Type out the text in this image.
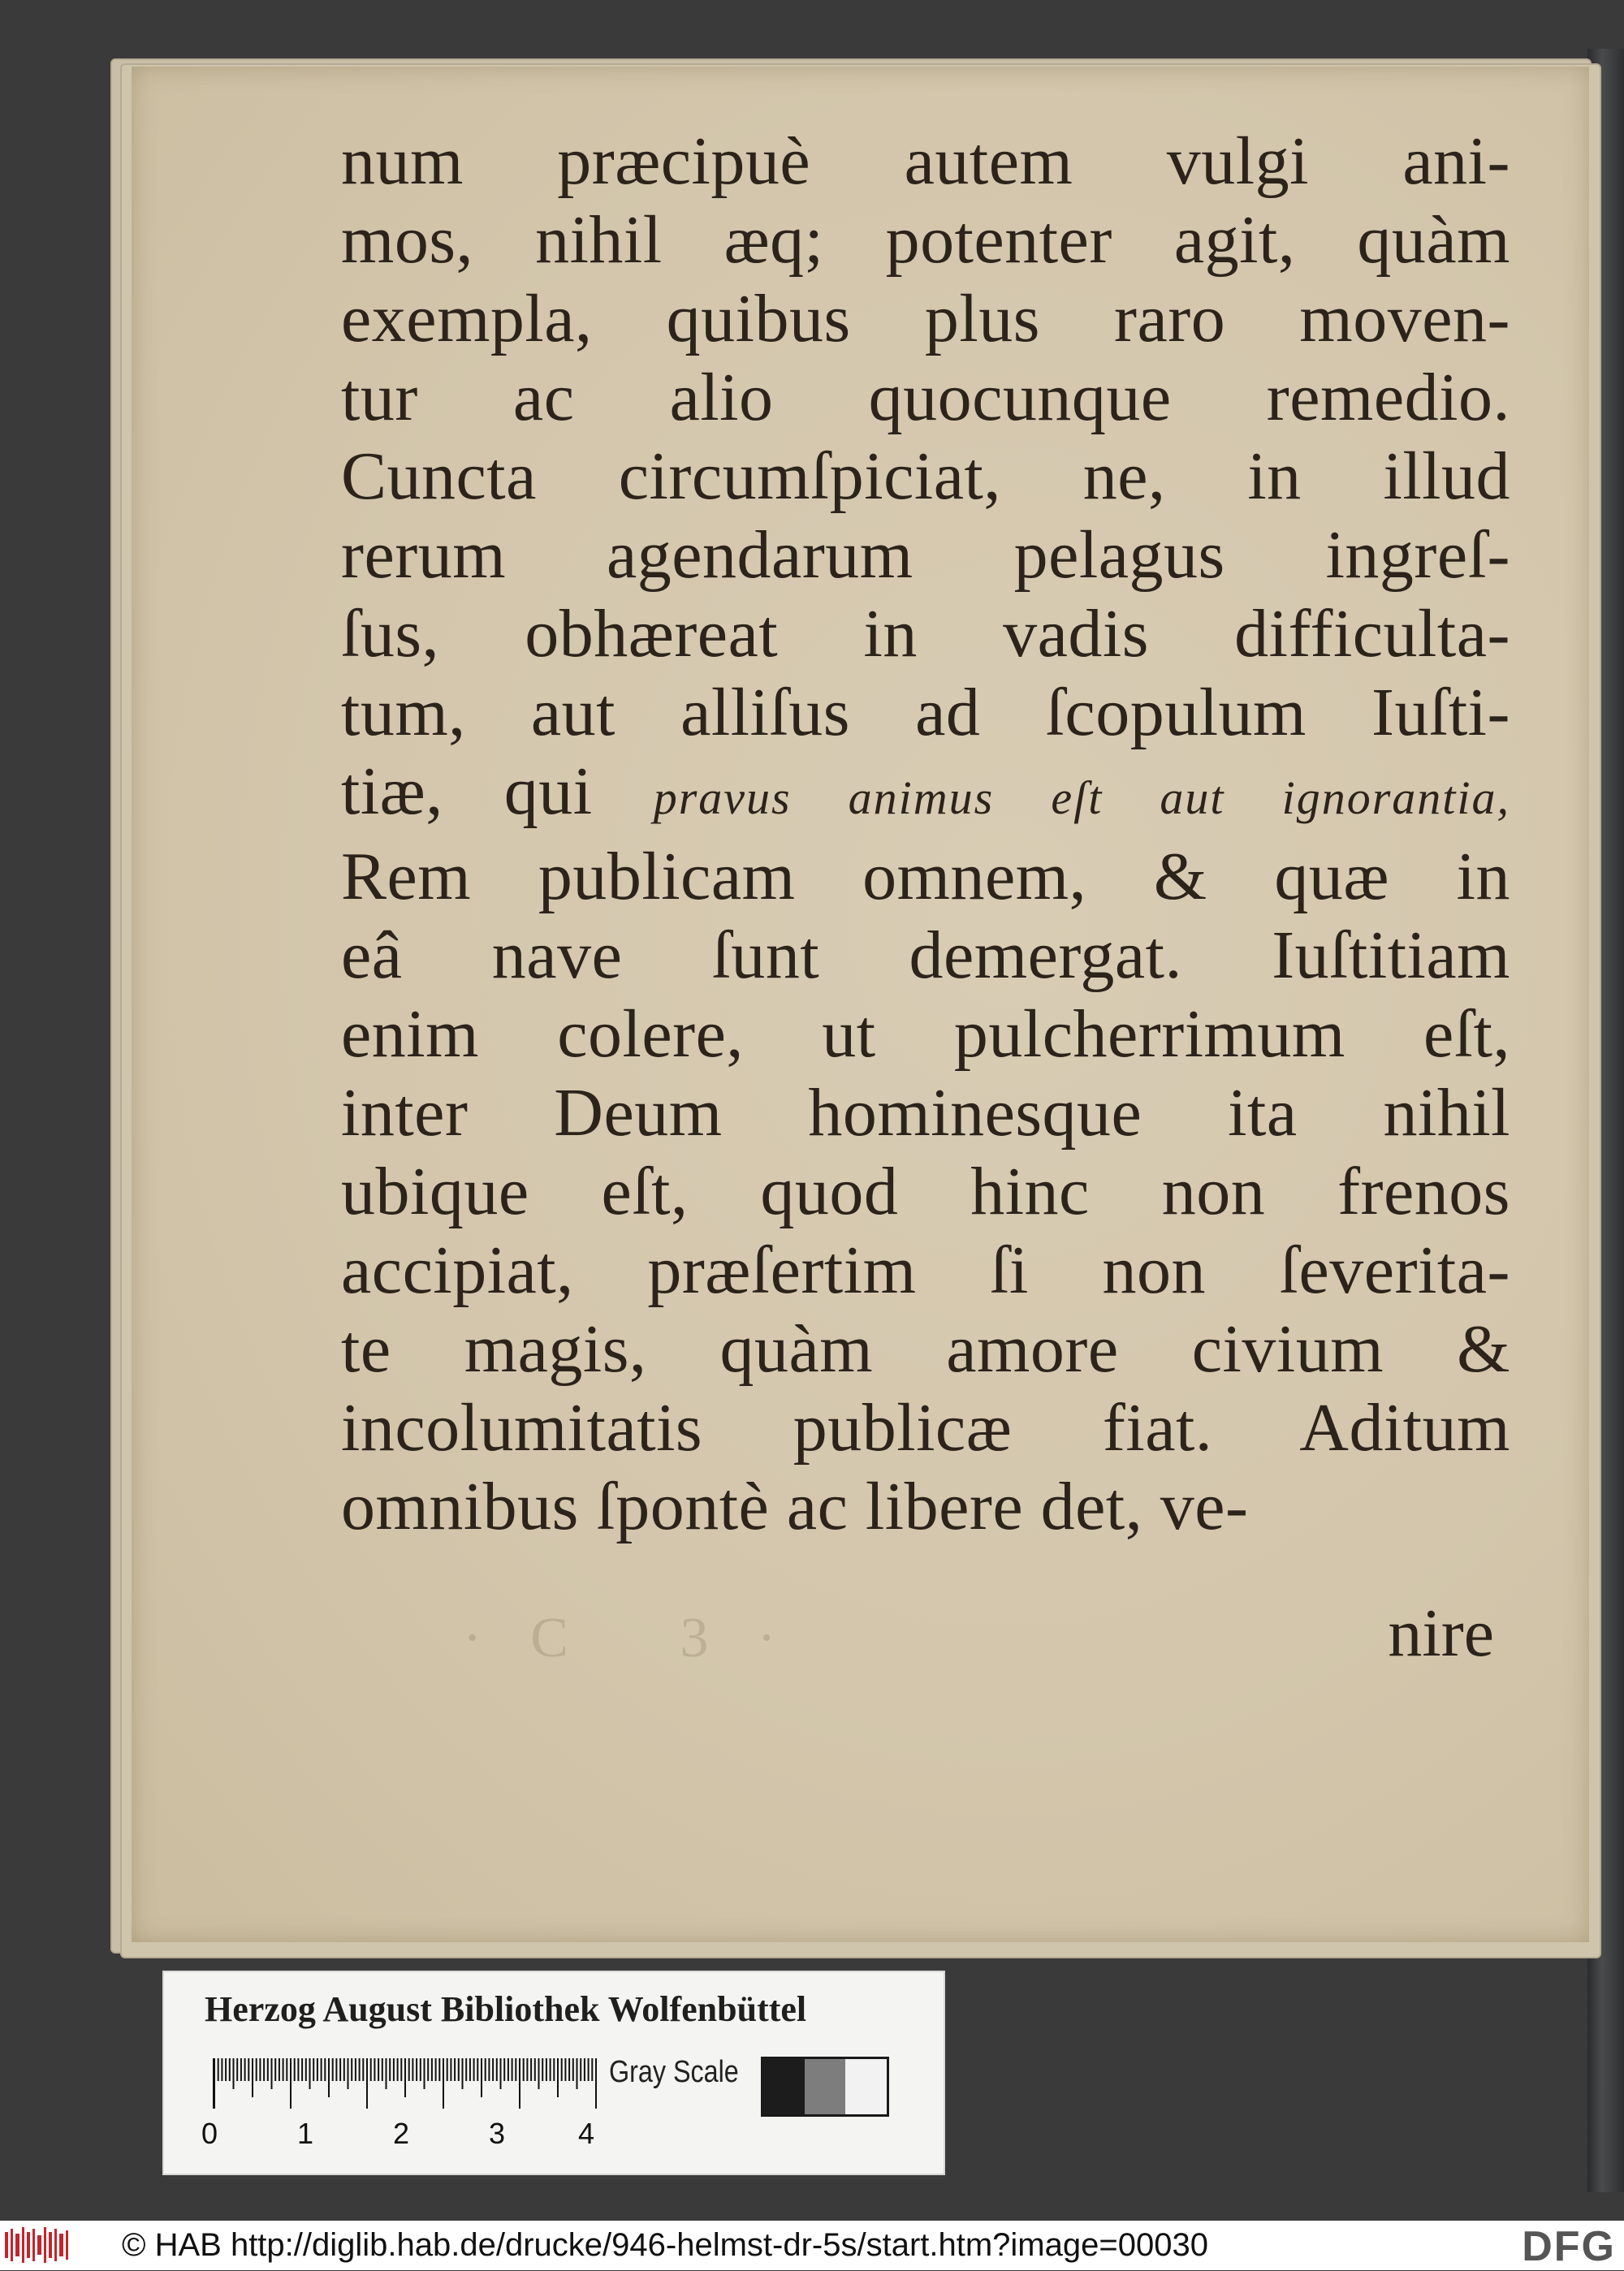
·C 3·
num præcipuè autem vulgi ani-
mos, nihil æq; potenter agit, quàm
exempla, quibus plus raro moven-
tur ac alio quocunque remedio.
Cuncta circumſpiciat, ne, in illud
rerum agendarum pelagus ingreſ-
ſus, obhæreat in vadis difficulta-
tum, aut alliſus ad ſcopulum Iuſti-
tiæ, qui pravus animus eſt aut ignorantia,
Rem publicam omnem, & quæ in
eâ nave ſunt demergat. Iuſtitiam
enim colere, ut pulcherrimum eſt,
inter Deum hominesque ita nihil
ubique eſt, quod hinc non frenos
accipiat, præſertim ſi non ſeverita-
te magis, quàm amore civium &
incolumitatis publicæ fiat. Aditum
omnibus ſpontè ac libere det, ve-
nire
Herzog August Bibliothek Wolfenbüttel
Gray Scale
0	1	2	3 4
© HAB http://diglib.hab.de/drucke/946-helmst-dr-5s/start.htm?image=00030	DFG
